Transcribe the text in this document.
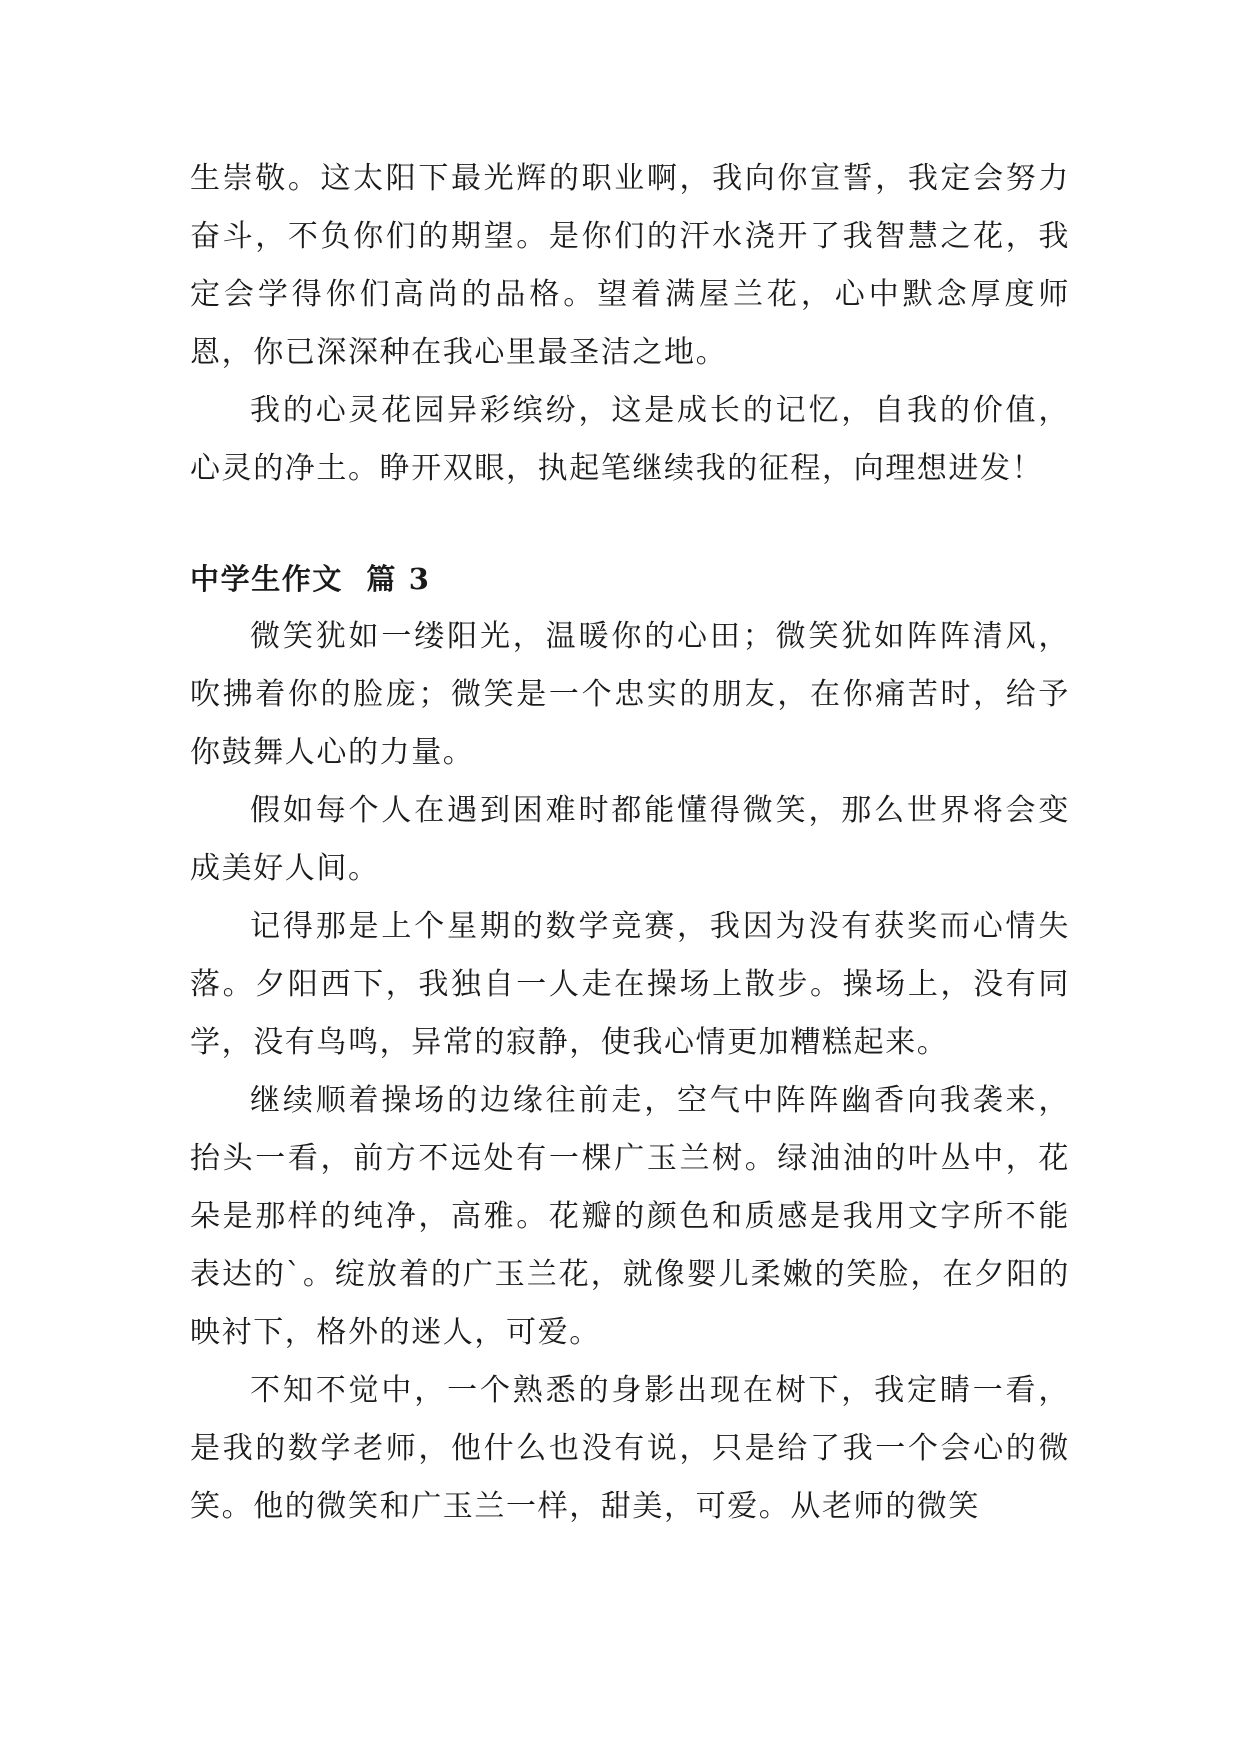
生崇敬。这太阳下最光辉的职业啊，我向你宣誓，我定会努力奋斗，不负你们的期望。是你们的汗水浇开了我智慧之花，我定会学得你们高尚的品格。望着满屋兰花，心中默念厚度师恩，你已深深种在我心里最圣洁之地。

我的心灵花园异彩缤纷，这是成长的记忆，自我的价值，心灵的净土。睁开双眼，执起笔继续我的征程，向理想进发！

中学生作文  篇 3

微笑犹如一缕阳光，温暖你的心田；微笑犹如阵阵清风，吹拂着你的脸庞；微笑是一个忠实的朋友，在你痛苦时，给予你鼓舞人心的力量。

假如每个人在遇到困难时都能懂得微笑，那么世界将会变成美好人间。

记得那是上个星期的数学竞赛，我因为没有获奖而心情失落。夕阳西下，我独自一人走在操场上散步。操场上，没有同学，没有鸟鸣，异常的寂静，使我心情更加糟糕起来。

继续顺着操场的边缘往前走，空气中阵阵幽香向我袭来，抬头一看，前方不远处有一棵广玉兰树。绿油油的叶丛中，花朵是那样的纯净，高雅。花瓣的颜色和质感是我用文字所不能表达的`。绽放着的广玉兰花，就像婴儿柔嫩的笑脸，在夕阳的映衬下，格外的迷人，可爱。

不知不觉中，一个熟悉的身影出现在树下，我定睛一看，是我的数学老师，他什么也没有说，只是给了我一个会心的微笑。他的微笑和广玉兰一样，甜美，可爱。从老师的微笑
